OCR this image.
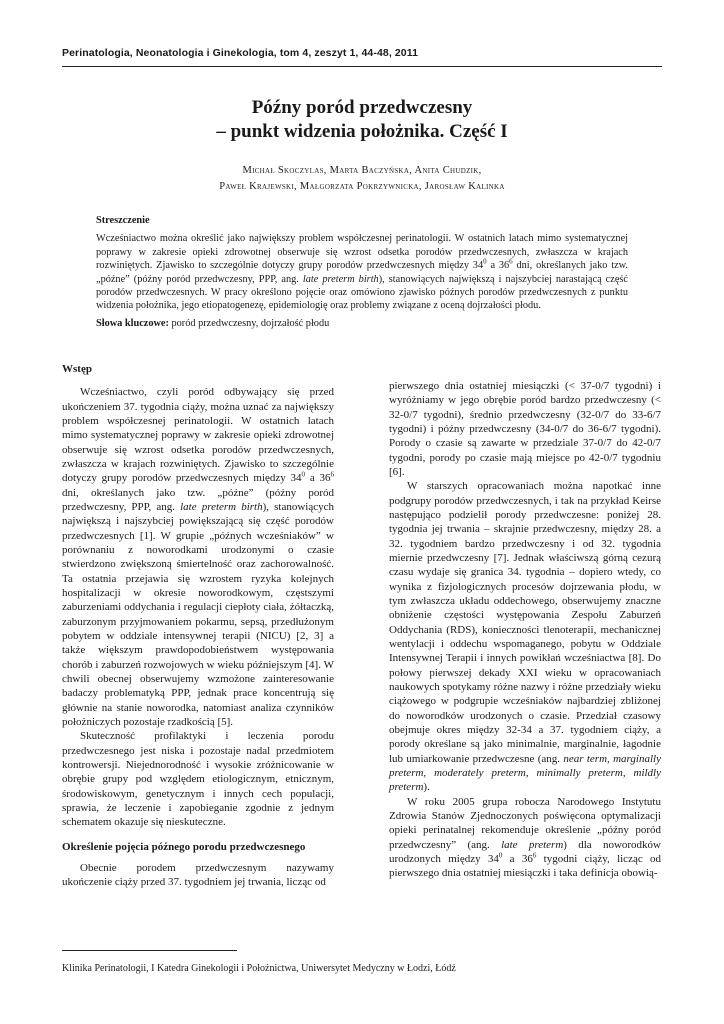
Perinatologia, Neonatologia i Ginekologia, tom 4, zeszyt 1, 44-48, 2011
Późny poród przedwczesny
– punkt widzenia położnika. Część I
Michał Skoczylas, Marta Baczyńska, Anita Chudzik,
Paweł Krajewski, Małgorzata Pokrzywnicka, Jarosław Kalinka
Streszczenie
Wcześniactwo można określić jako największy problem współczesnej perinatologii. W ostatnich latach mimo systematycznej poprawy w zakresie opieki zdrowotnej obserwuje się wzrost odsetka porodów przedwczesnych, zwłaszcza w krajach rozwiniętych. Zjawisko to szczególnie dotyczy grupy porodów przedwczesnych między $34^0$ a $36^6$ dni, określanych jako tzw. „późne” (późny poród przedwczesny, PPP, ang. late preterm birth), stanowiących największą i najszybciej narastającą część porodów przedwczesnych. W pracy określono pojęcie oraz omówiono zjawisko późnych porodów przedwczesnych z punktu widzenia położnika, jego etiopatogenezę, epidemiologię oraz problemy związane z oceną dojrzałości płodu.
Słowa kluczowe: poród przedwczesny, dojrzałość płodu
Wstęp

Wcześniactwo, czyli poród odbywający się przed ukończeniem 37. tygodnia ciąży, można uznać za największy problem współczesnej perinatologii. W ostatnich latach mimo systematycznej poprawy w zakresie opieki zdrowotnej obserwuje się wzrost odsetka porodów przedwczesnych, zwłaszcza w krajach rozwiniętych. Zjawisko to szczególnie dotyczy grupy porodów przedwczesnych między $34^0$ a $36^6$ dni, określanych jako tzw. „późne” (późny poród przedwczesny, PPP, ang. late preterm birth), stanowiących największą i najszybciej powiększającą się część porodów przedwczesnych [1]. W grupie „późnych wcześniaków” w porównaniu z noworodkami urodzonymi o czasie stwierdzono zwiększoną śmiertelność oraz zachorowalność. Ta ostatnia przejawia się wzrostem ryzyka kolejnych hospitalizacji w okresie noworodkowym, częstszymi zaburzeniami oddychania i regulacji ciepłoty ciała, żółtaczką, zaburzonym przyjmowaniem pokarmu, sepsą, przedłużonym pobytem w oddziale intensywnej terapii (NICU) [2, 3] a także większym prawdopodobieństwem występowania chorób i zaburzeń rozwojowych w wieku późniejszym [4]. W chwili obecnej obserwujemy wzmożone zainteresowanie badaczy problematyką PPP, jednak prace koncentrują się głównie na stanie noworodka, natomiast analiza czynników położniczych pozostaje rzadkością [5].

Skuteczność profilaktyki i leczenia porodu przedwczesnego jest niska i pozostaje nadal przedmiotem kontrowersji. Niejednorodność i wysokie zróżnicowanie w obrębie grupy pod względem etiologicznym, etnicznym, środowiskowym, genetycznym i innych cech populacji, sprawia, że leczenie i zapobieganie zgodnie z jednym schematem okazuje się nieskuteczne.

Określenie pojęcia późnego porodu przedwczesnego

Obecnie porodem przedwczesnym nazywamy ukończenie ciąży przed 37. tygodniem jej trwania, licząc od

pierwszego dnia ostatniej miesiączki (< 37-0/7 tygodni) i wyróżniamy w jego obrębie poród bardzo przedwczesny (< 32-0/7 tygodni), średnio przedwczesny (32-0/7 do 33-6/7 tygodni) i późny przedwczesny (34-0/7 do 36-6/7 tygodni). Porody o czasie są zawarte w przedziale 37-0/7 do 42-0/7 tygodni, porody po czasie mają miejsce po 42-0/7 tygodniu [6].

W starszych opracowaniach można napotkać inne podgrupy porodów przedwczesnych, i tak na przykład Keirse następująco podzielił porody przedwczesne: poniżej 28. tygodnia jej trwania – skrajnie przedwczesny, między 28. a 32. tygodniem bardzo przedwczesny i od 32. tygodnia miernie przedwczesny [7]. Jednak właściwszą górną cezurą czasu wydaje się granica 34. tygodnia – dopiero wtedy, co wynika z fizjologicznych procesów dojrzewania płodu, w tym zwłaszcza układu oddechowego, obserwujemy znaczne obniżenie częstości występowania Zespołu Zaburzeń Oddychania (RDS), konieczności tlenoterapii, mechanicznej wentylacji i oddechu wspomaganego, pobytu w Oddziale Intensywnej Terapii i innych powikłań wcześniactwa [8]. Do połowy pierwszej dekady XXI wieku w opracowaniach naukowych spotykamy różne nazwy i różne przedziały wieku ciążowego w podgrupie wcześniaków najbardziej zbliżonej do noworodków urodzonych o czasie. Przedział czasowy obejmuje okres między 32-34 a 37. tygodniem ciąży, a porody określane są jako minimalnie, marginalnie, łagodnie lub umiarkowanie przedwczesne (ang. near term, marginally preterm, moderately preterm, minimally preterm, mildly preterm).

W roku 2005 grupa robocza Narodowego Instytutu Zdrowia Stanów Zjednoczonych poświęcona optymalizacji opieki perinatalnej rekomenduje określenie „późny poród przedwczesny” (ang. late preterm) dla noworodków urodzonych między $34^0$ a $36^6$ tygodni ciąży, licząc od pierwszego dnia ostatniej miesiączki i taka definicja obowią-

Klinika Perinatologii, I Katedra Ginekologii i Położnictwa, Uniwersytet Medyczny w Łodzi, Łódź
